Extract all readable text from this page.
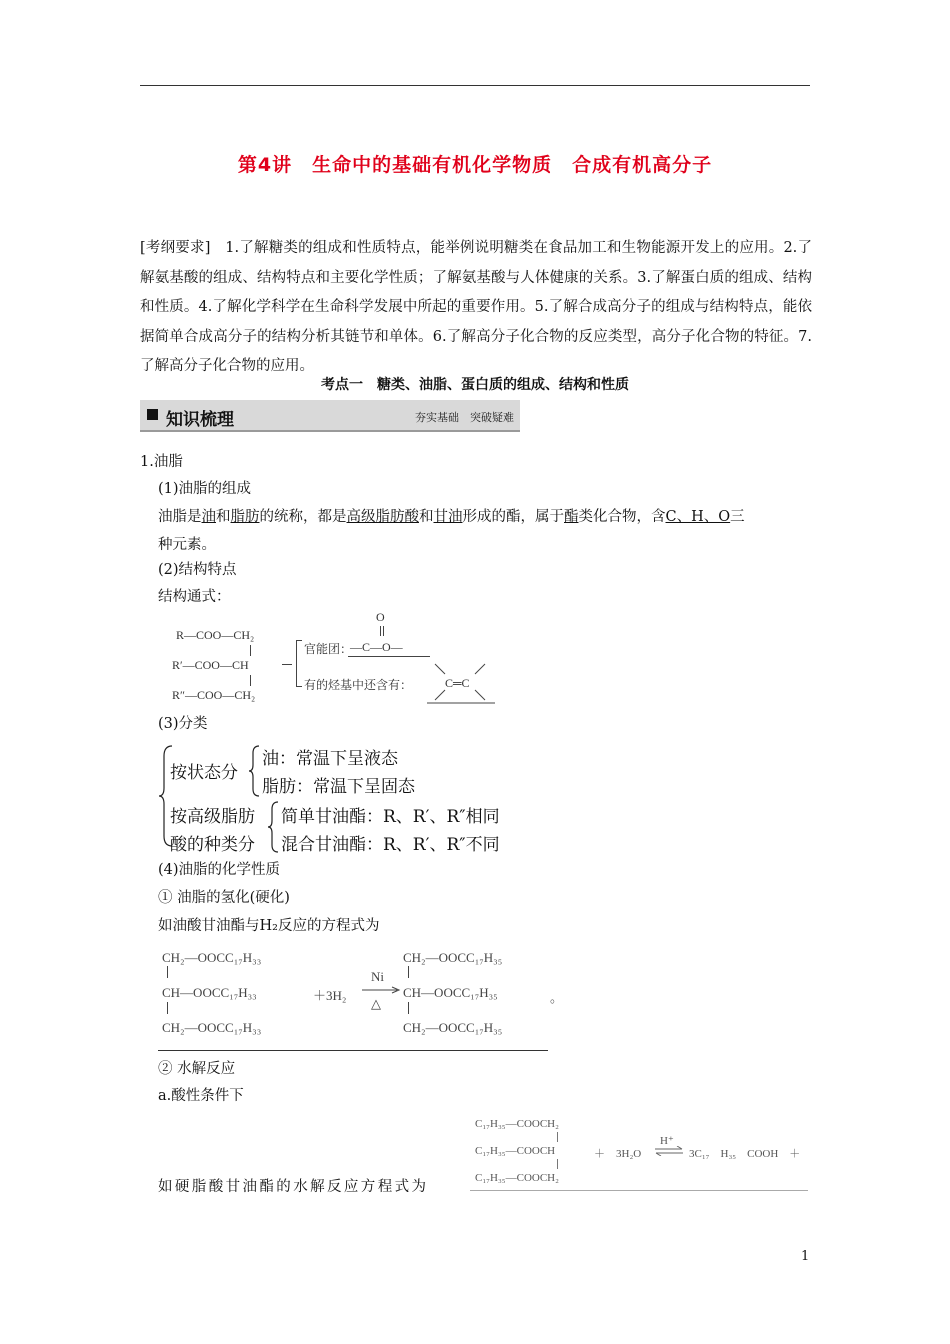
第4讲　生命中的基础有机化学物质　合成有机高分子
[考纲要求]　1.了解糖类的组成和性质特点，能举例说明糖类在食品加工和生物能源开发上的应用。2.了解氨基酸的组成、结构特点和主要化学性质；了解氨基酸与人体健康的关系。3.了解蛋白质的组成、结构和性质。4.了解化学科学在生命科学发展中所起的重要作用。5.了解合成高分子的组成与结构特点，能依据简单合成高分子的结构分析其链节和单体。6.了解高分子化合物的反应类型，高分子化合物的特征。7.了解高分子化合物的应用。
考点一　糖类、油脂、蛋白质的组成、结构和性质
知识梳理	夯实基础　突破疑难
1.油脂
(1)油脂的组成
油脂是油和脂肪的统称，都是高级脂肪酸和甘油形成的酯，属于酯类化合物，含C、H、O三
种元素。
(2)结构特点
结构通式：
R—COO—CH₂
R′—COO—CH
R″—COO—CH₂
官能团：
O
—C—O—
有的烃基中还含有：	C═C
(3)分类
按状态分
油：常温下呈液态
脂肪：常温下呈固态
按高级脂肪
酸的种类分
简单甘油酯：R、R′、R″相同
混合甘油酯：R、R′、R″不同
(4)油脂的化学性质
① 油脂的氢化(硬化)
如油酸甘油酯与H₂反应的方程式为
CH₂—OOCC₁₇H₃₃
CH—OOCC₁₇H₃₃
CH₂—OOCC₁₇H₃₃
＋3H₂
Ni
△
CH₂—OOCC₁₇H₃₅
CH—OOCC₁₇H₃₅
CH₂—OOCC₁₇H₃₅
。
② 水解反应
a.酸性条件下
C₁₇H₃₅—COOCH₂
C₁₇H₃₅—COOCH
C₁₇H₃₅—COOCH₂
＋　3H₂O
H⁺
⇌ 3C₁₇　H₃₅　COOH　＋
如硬脂酸甘油酯的水解反应方程式为
1
